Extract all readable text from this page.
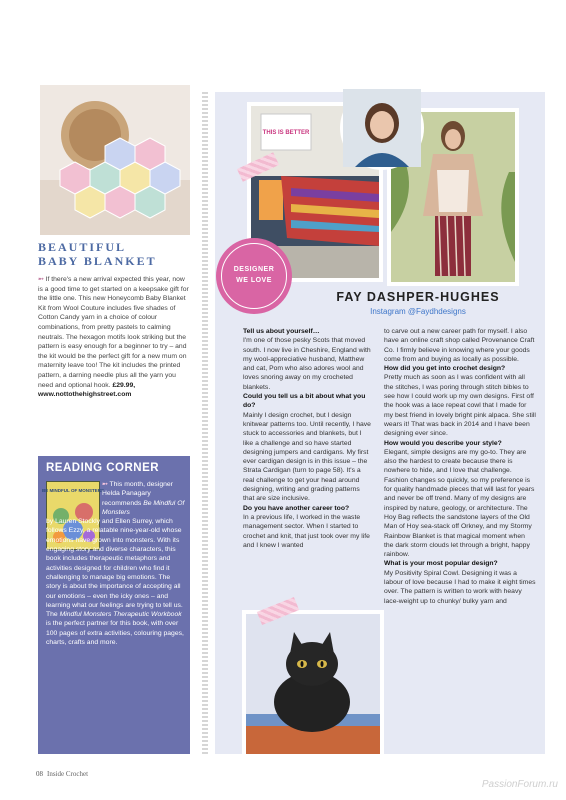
BEAUTIFUL
BABY BLANKET
➵ If there's a new arrival expected this year, now is a good time to get started on a keepsake gift for the little one. This new Honeycomb Baby Blanket Kit from Wool Couture includes five shades of Cotton Candy yarn in a choice of colour combinations, from pretty pastels to calming neutrals. The hexagon motifs look striking but the pattern is easy enough for a beginner to try – and the kit would be the perfect gift for a new mum on maternity leave too! The kit includes the printed pattern, a darning needle plus all the yarn you need and optional hook. £29.99, www.nottothehighstreet.com
READING CORNER
BE MINDFUL OF MONSTERS
➵ This month, designer Helda Panagary recommends Be Mindful Of Monsters
by Lauren Stockly and Ellen Surrey, which follows Ezzy, a relatable nine-year-old whose emotions have grown into monsters. With its engaging story and diverse characters, this book includes therapeutic metaphors and activities designed for children who find it challenging to manage big emotions. The story is about the importance of accepting all our emotions – even the icky ones – and learning what our feelings are trying to tell us. The Mindful Monsters Therapeutic Workbook is the perfect partner for this book, with over 100 pages of extra activities, colouring pages, charts, crafts and more.
THIS IS BETTER
DESIGNER
WE LOVE
FAY DASHPER-HUGHES
Instagram @Faydhdesigns

Tell us about yourself…

I'm one of those pesky Scots that moved south. I now live in Cheshire, England with my wool-appreciative husband, Matthew and cat, Pom who also adores wool and loves snoring away on my crocheted blankets.

Could you tell us a bit about what you do?

Mainly I design crochet, but I design knitwear patterns too. Until recently, I have stuck to accessories and blankets, but I like a challenge and so have started designing jumpers and cardigans. My first ever cardigan design is in this issue – the Strata Cardigan (turn to page 58). It's a real challenge to get your head around designing, writing and grading patterns that are size inclusive.

Do you have another career too?

In a previous life, I worked in the waste management sector. When I started to crochet and knit, that just took over my life and I knew I wanted

to carve out a new career path for myself. I also have an online craft shop called Provenance Craft Co. I firmly believe in knowing where your goods come from and buying as locally as possible.

How did you get into crochet design?

Pretty much as soon as I was confident with all the stitches, I was poring through stitch bibles to see how I could work up my own designs. First off the hook was a lace repeat cowl that I made for my best friend in lovely bright pink alpaca. She still wears it! That was back in 2014 and I have been designing ever since.

How would you describe your style?

Elegant, simple designs are my go-to. They are also the hardest to create because there is nowhere to hide, and I love that challenge. Fashion changes so quickly, so my preference is for quality handmade pieces that will last for years and never be off trend. Many of my designs are inspired by nature, geology, or architecture. The Hoy Bag reflects the sandstone layers of the Old Man of Hoy sea-stack off Orkney, and my Stormy Rainbow Blanket is that magical moment when the dark storm clouds let through a bright, happy rainbow.

What is your most popular design?

My Positivity Spiral Cowl. Designing it was a labour of love because I had to make it eight times over. The pattern is written to work with heavy lace-weight up to chunky/ bulky yarn and

08 Inside Crochet
PassionForum.ru
